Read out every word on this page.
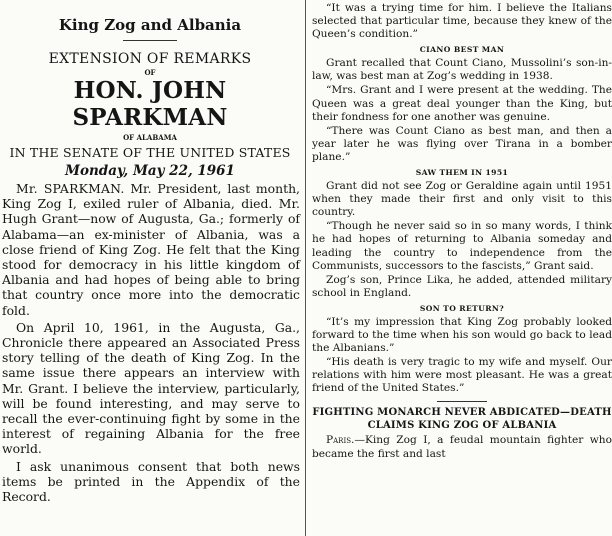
King Zog and Albania

EXTENSION OF REMARKS

OF

HON. JOHN SPARKMAN

OF ALABAMA

IN THE SENATE OF THE UNITED STATES

Monday, May 22, 1961

Mr. SPARKMAN. Mr. President, last month, King Zog I, exiled ruler of Albania, died. Mr. Hugh Grant—now of Augusta, Ga.; formerly of Alabama—an ex-minister of Albania, was a close friend of King Zog. He felt that the King stood for democracy in his little kingdom of Albania and had hopes of being able to bring that country once more into the democratic fold.

On April 10, 1961, in the Augusta, Ga., Chronicle there appeared an Associated Press story telling of the death of King Zog. In the same issue there appears an interview with Mr. Grant. I believe the interview, particularly, will be found interesting, and may serve to recall the ever-continuing fight by some in the interest of regaining Albania for the free world.

I ask unanimous consent that both news items be printed in the Appendix of the Record.

“It was a trying time for him. I believe the Italians selected that particular time, because they knew of the Queen’s condition.”

CIANO BEST MAN

Grant recalled that Count Ciano, Mussolini’s son-in-law, was best man at Zog’s wedding in 1938.

“Mrs. Grant and I were present at the wedding. The Queen was a great deal younger than the King, but their fondness for one another was genuine.

“There was Count Ciano as best man, and then a year later he was flying over Tirana in a bomber plane.”

SAW THEM IN 1951

Grant did not see Zog or Geraldine again until 1951 when they made their first and only visit to this country.

“Though he never said so in so many words, I think he had hopes of returning to Albania someday and leading the country to independence from the Communists, successors to the fascists,” Grant said.

Zog’s son, Prince Lika, he added, attended military school in England.

SON TO RETURN?

“It’s my impression that King Zog probably looked forward to the time when his son would go back to lead the Albanians.”

“His death is very tragic to my wife and myself. Our relations with him were most pleasant. He was a great friend of the United States.”

FIGHTING MONARCH NEVER ABDICATED—DEATH

CLAIMS KING ZOG OF ALBANIA

Paris.—King Zog I, a feudal mountain fighter who became the first and last
